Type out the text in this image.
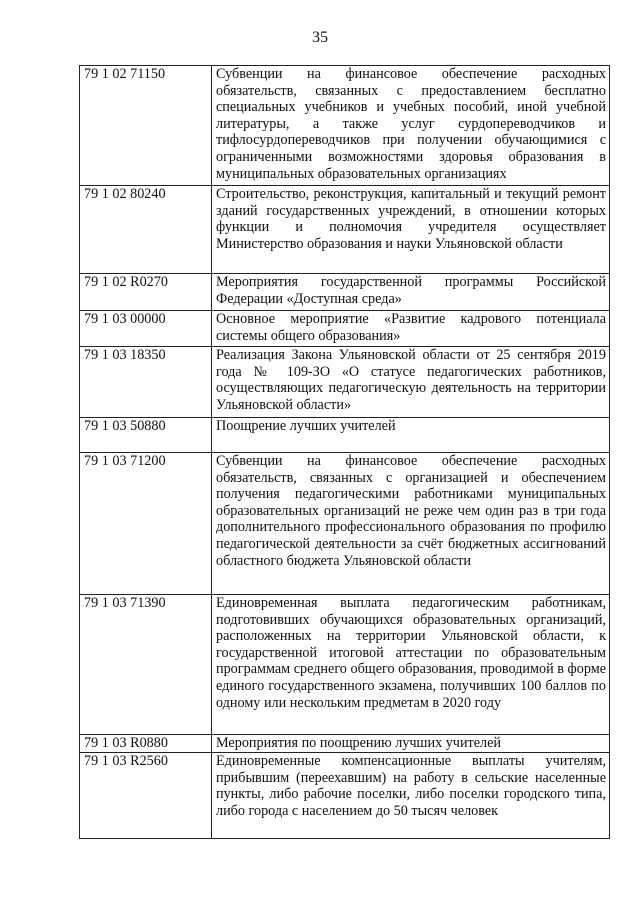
35
79 1 02 71150	Субвенции на финансовое обеспечение расходных обязательств, связанных с предоставлением бесплатно специальных учебников и учебных пособий, иной учебной литературы, а также услуг сурдопереводчиков и тифлосурдопереводчиков при получении обучающимися с ограниченными возможностями здоровья образования в муниципальных образовательных организациях
79 1 02 80240	Строительство, реконструкция, капитальный и текущий ремонт зданий государственных учреждений, в отношении которых функции и полномочия учредителя осуществляет Министерство образования и науки Ульяновской области
79 1 02 R0270	Мероприятия государственной программы Российской Федерации «Доступная среда»
79 1 03 00000	Основное мероприятие «Развитие кадрового потенциала системы общего образования»
79 1 03 18350	Реализация Закона Ульяновской области от 25 сентября 2019 года № 109-ЗО «О статусе педагогических работников, осуществляющих педагогическую деятельность на территории Ульяновской области»
79 1 03 50880	Поощрение лучших учителей
79 1 03 71200	Субвенции на финансовое обеспечение расходных обязательств, связанных с организацией и обеспечением получения педагогическими работниками муниципальных образовательных организаций не реже чем один раз в три года дополнительного профессионального образования по профилю педагогической деятельности за счёт бюджетных ассигнований областного бюджета Ульяновской области
79 1 03 71390	Единовременная выплата педагогическим работникам, подготовивших обучающихся образовательных организаций, расположенных на территории Ульяновской области, к государственной итоговой аттестации по образовательным программам среднего общего образования, проводимой в форме единого государственного экзамена, получивших 100 баллов по одному или нескольким предметам в 2020 году
79 1 03 R0880	Мероприятия по поощрению лучших учителей
79 1 03 R2560	Единовременные компенсационные выплаты учителям, прибывшим (переехавшим) на работу в сельские населенные пункты, либо рабочие поселки, либо поселки городского типа, либо города с населением до 50 тысяч человек
